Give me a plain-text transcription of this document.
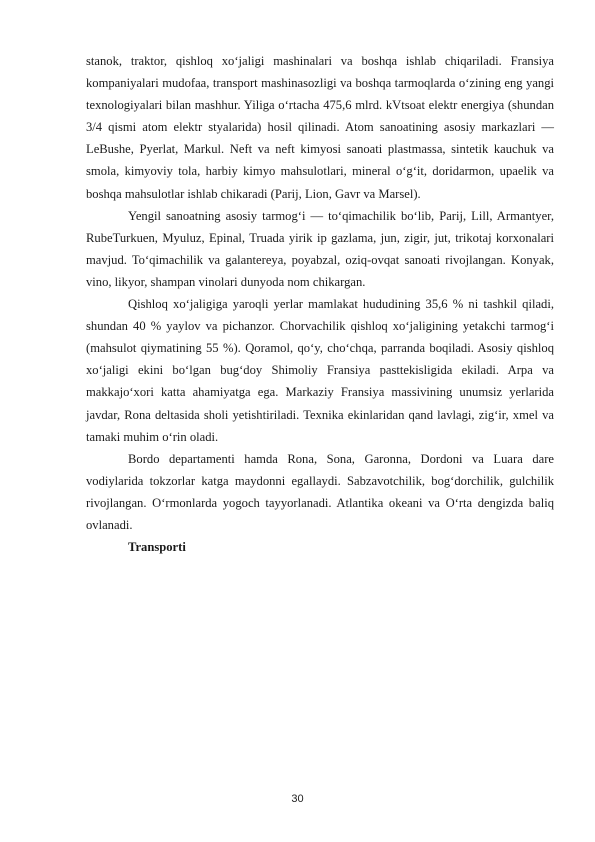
stanok, traktor, qishloq xoʻjaligi mashinalari va boshqa ishlab chiqariladi. Fransiya kompaniyalari mudofaa, transport mashinasozligi va boshqa tarmoqlarda oʻzining eng yangi texnologiyalari bilan mashhur. Yiliga oʻrtacha 475,6 mlrd. kVtsoat elektr energiya (shundan 3/4 qismi atom elektr styalarida) hosil qilinadi. Atom sanoatining asosiy markazlari — LeBushe, Pyerlat, Markul. Neft va neft kimyosi sanoati plastmassa, sintetik kauchuk va smola, kimyoviy tola, harbiy kimyo mahsulotlari, mineral oʻgʻit, doridarmon, upaelik va boshqa mahsulotlar ishlab chikaradi (Parij, Lion, Gavr va Marsel).

Yengil sanoatning asosiy tarmogʻi — toʻqimachilik boʻlib, Parij, Lill, Armantyer, RubeTurkuen, Myuluz, Epinal, Truada yirik ip gazlama, jun, zigir, jut, trikotaj korxonalari mavjud. Toʻqimachilik va galantereya, poyabzal, oziq-ovqat sanoati rivojlangan. Konyak, vino, likyor, shampan vinolari dunyoda nom chikargan.

Qishloq xoʻjaligiga yaroqli yerlar mamlakat hududining 35,6 % ni tashkil qiladi, shundan 40 % yaylov va pichanzor. Chorvachilik qishloq xoʻjaligining yetakchi tarmogʻi (mahsulot qiymatining 55 %). Qoramol, qoʻy, choʻchqa, parranda boqiladi. Asosiy qishloq xoʻjaligi ekini boʻlgan bugʻdoy Shimoliy Fransiya pasttekisligida ekiladi. Arpa va makkajoʻxori katta ahamiyatga ega. Markaziy Fransiya massivining unumsiz yerlarida javdar, Rona deltasida sholi yetishtiriladi. Texnika ekinlaridan qand lavlagi, zigʻir, xmel va tamaki muhim oʻrin oladi.

Bordo departamenti hamda Rona, Sona, Garonna, Dordoni va Luara dare vodiylarida tokzorlar katga maydonni egallaydi. Sabzavotchilik, bogʻdorchilik, gulchilik rivojlangan. Oʻrmonlarda yogoch tayyorlanadi. Atlantika okeani va Oʻrta dengizda baliq ovlanadi.

Transporti

30
